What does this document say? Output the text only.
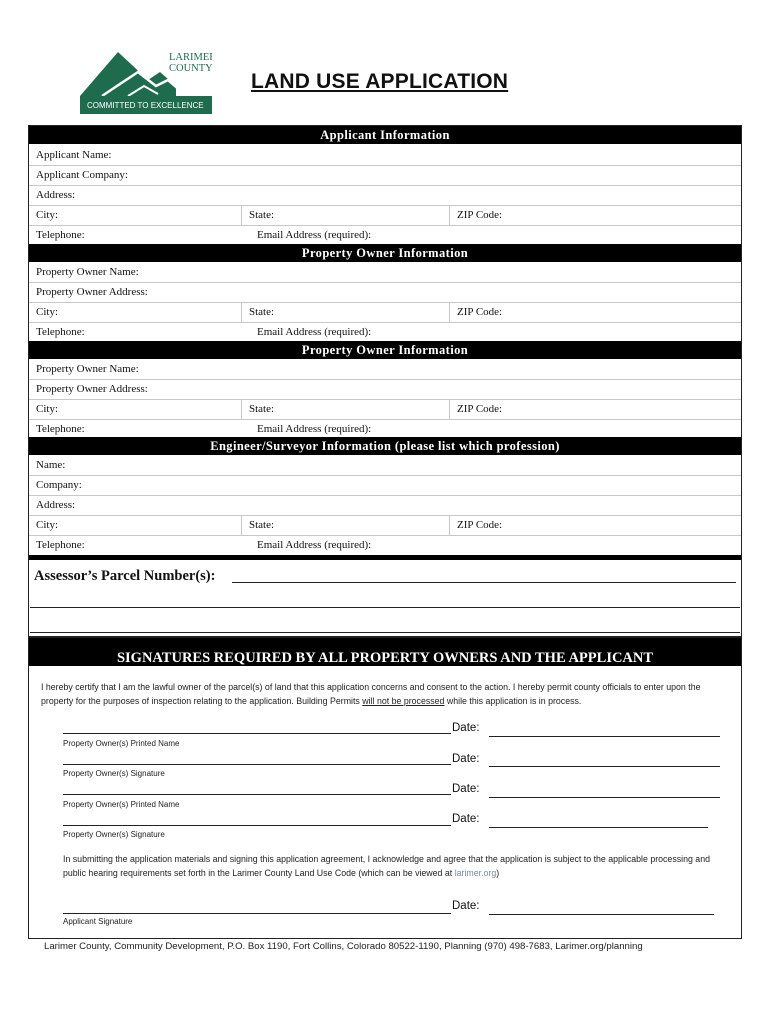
LARIMER
COUNTY
COMMITTED TO EXCELLENCE
LAND USE APPLICATION
Applicant Information
Applicant Name:
Applicant Company:
Address:
City:	State:	ZIP Code:
Telephone:	Email Address (required):
Property Owner Information
Property Owner Name:
Property Owner Address:
City:	State:	ZIP Code:
Telephone:	Email Address (required):
Property Owner Information
Property Owner Name:
Property Owner Address:
City:	State:	ZIP Code:
Telephone:	Email Address (required):
Engineer/Surveyor Information (please list which profession)
Name:
Company:
Address:
City:	State:	ZIP Code:
Telephone:	Email Address (required):
Assessor’s Parcel Number(s):
SIGNATURES REQUIRED BY ALL PROPERTY OWNERS AND THE APPLICANT
I hereby certify that I am the lawful owner of the parcel(s) of land that this application concerns and consent to the action. I hereby permit county officials to enter upon the property for the purposes of inspection relating to the application. Building Permits will not be processed while this application is in process.
Date:
Property Owner(s) Printed Name
Date:
Property Owner(s) Signature
Date:
Property Owner(s) Printed Name
Date:
Property Owner(s) Signature
In submitting the application materials and signing this application agreement, I acknowledge and agree that the application is subject to the applicable processing and public hearing requirements set forth in the Larimer County Land Use Code (which can be viewed at larimer.org)
Date:
Applicant Signature
Larimer County, Community Development, P.O. Box 1190, Fort Collins, Colorado 80522-1190, Planning (970) 498-7683, Larimer.org/planning
